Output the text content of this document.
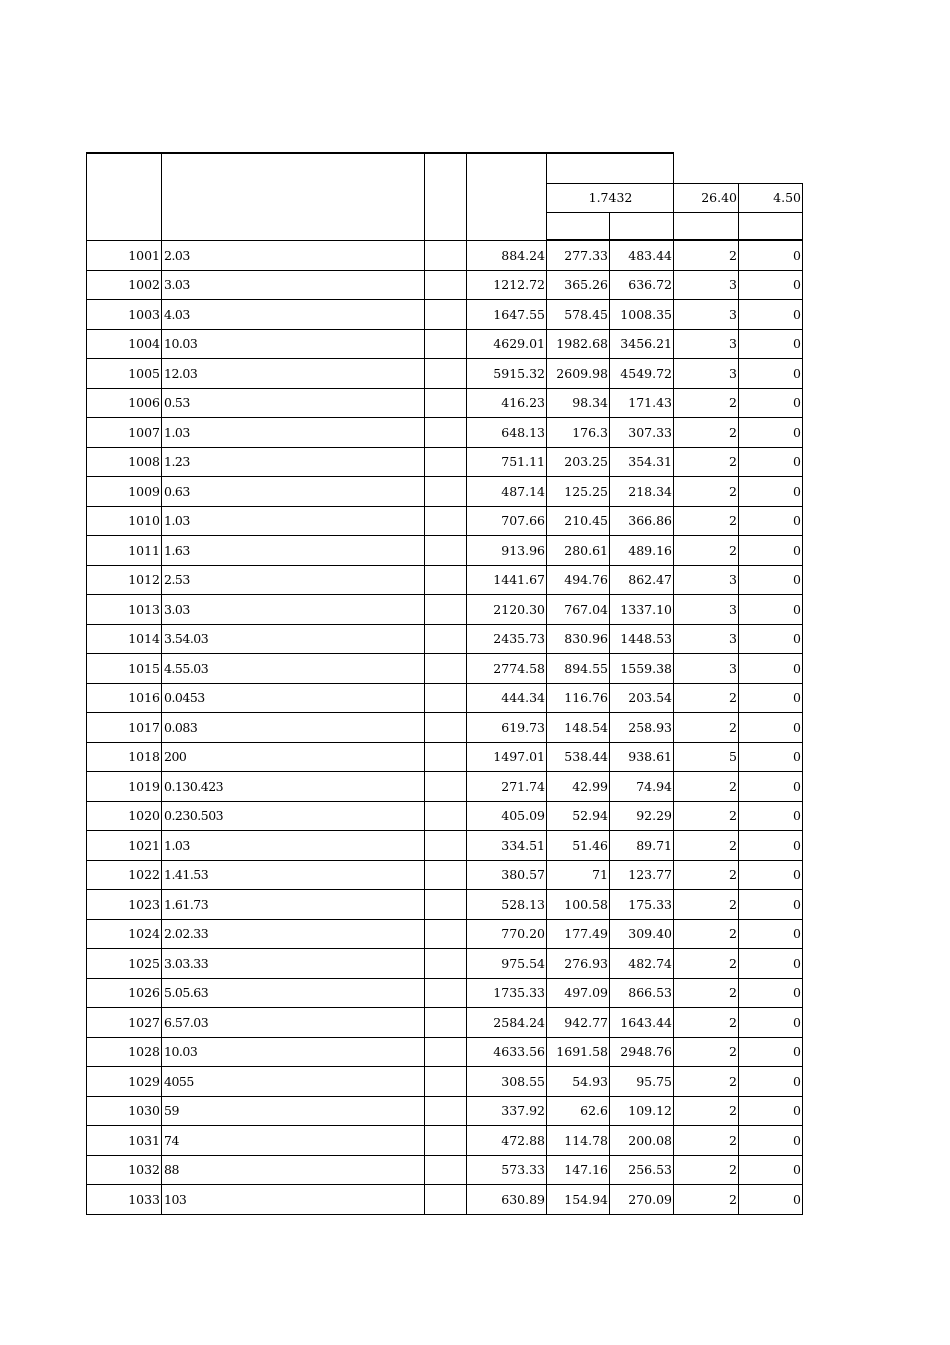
				1.7432		26.40	4.50

1001	2.03		884.24	277.33	483.44	2	0
1002	3.03		1212.72	365.26	636.72	3	0
1003	4.03		1647.55	578.45	1008.35	3	0
1004	10.03		4629.01	1982.68	3456.21	3	0
1005	12.03		5915.32	2609.98	4549.72	3	0
1006	0.53		416.23	98.34	171.43	2	0
1007	1.03		648.13	176.3	307.33	2	0
1008	1.23		751.11	203.25	354.31	2	0
1009	0.63		487.14	125.25	218.34	2	0
1010	1.03		707.66	210.45	366.86	2	0
1011	1.63		913.96	280.61	489.16	2	0
1012	2.53		1441.67	494.76	862.47	3	0
1013	3.03		2120.30	767.04	1337.10	3	0
1014	3.54.03		2435.73	830.96	1448.53	3	0
1015	4.55.03		2774.58	894.55	1559.38	3	0
1016	0.0453		444.34	116.76	203.54	2	0
1017	0.083		619.73	148.54	258.93	2	0
1018	200		1497.01	538.44	938.61	5	0
1019	0.130.423		271.74	42.99	74.94	2	0
1020	0.230.503		405.09	52.94	92.29	2	0
1021	1.03		334.51	51.46	89.71	2	0
1022	1.41.53		380.57	71	123.77	2	0
1023	1.61.73		528.13	100.58	175.33	2	0
1024	2.02.33		770.20	177.49	309.40	2	0
1025	3.03.33		975.54	276.93	482.74	2	0
1026	5.05.63		1735.33	497.09	866.53	2	0
1027	6.57.03		2584.24	942.77	1643.44	2	0
1028	10.03		4633.56	1691.58	2948.76	2	0
1029	4055		308.55	54.93	95.75	2	0
1030	59		337.92	62.6	109.12	2	0
1031	74		472.88	114.78	200.08	2	0
1032	88		573.33	147.16	256.53	2	0
1033	103		630.89	154.94	270.09	2	0
